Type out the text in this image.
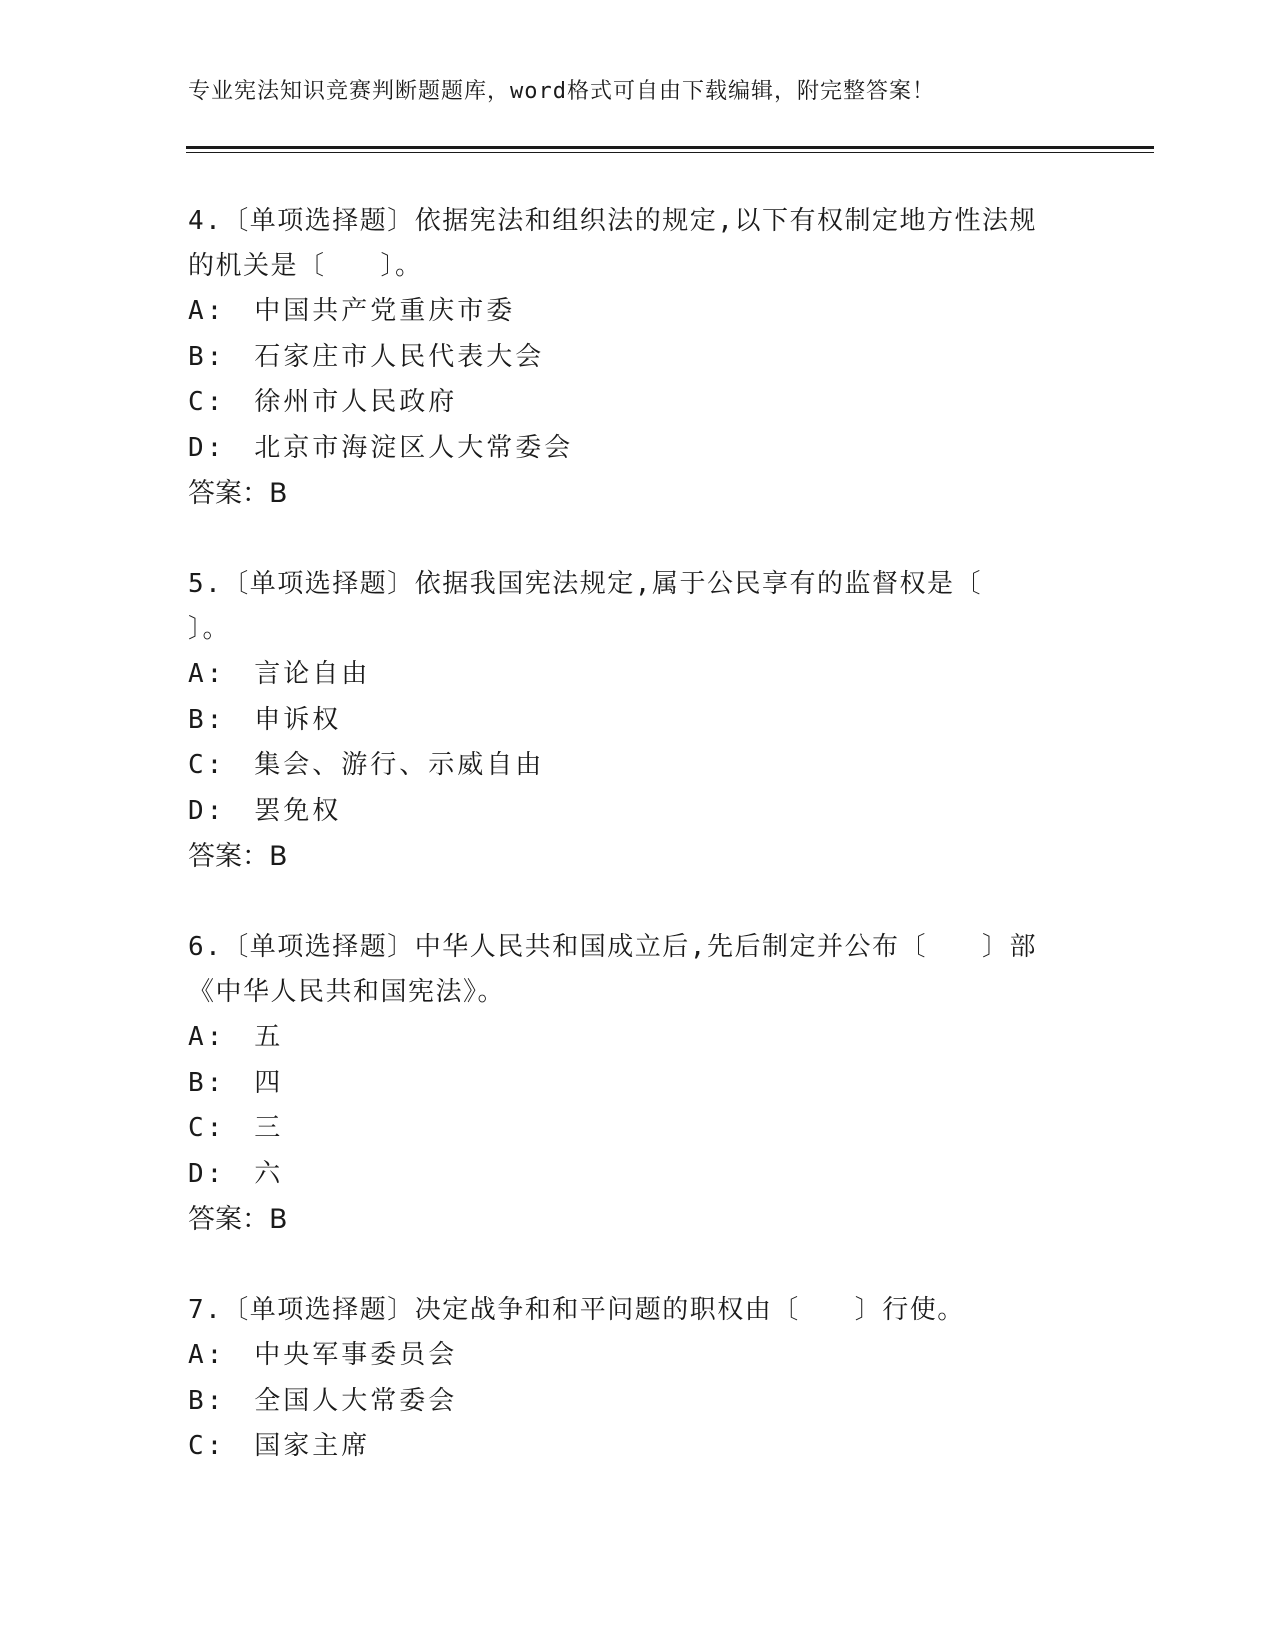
专业宪法知识竞赛判断题题库，word格式可自由下载编辑，附完整答案！
4.〔单项选择题〕依据宪法和组织法的规定,以下有权制定地方性法规
的机关是〔　　〕。
A:　中国共产党重庆市委
B:　石家庄市人民代表大会
C:　徐州市人民政府
D:　北京市海淀区人大常委会
答案：B
5.〔单项选择题〕依据我国宪法规定,属于公民享有的监督权是〔
〕。
A:　言论自由
B:　申诉权
C:　集会、游行、示威自由
D:　罢免权
答案：B
6.〔单项选择题〕中华人民共和国成立后,先后制定并公布〔　　〕部
《中华人民共和国宪法》。
A:　五
B:　四
C:　三
D:　六
答案：B
7.〔单项选择题〕决定战争和和平问题的职权由〔　　〕行使。
A:　中央军事委员会
B:　全国人大常委会
C:　国家主席
